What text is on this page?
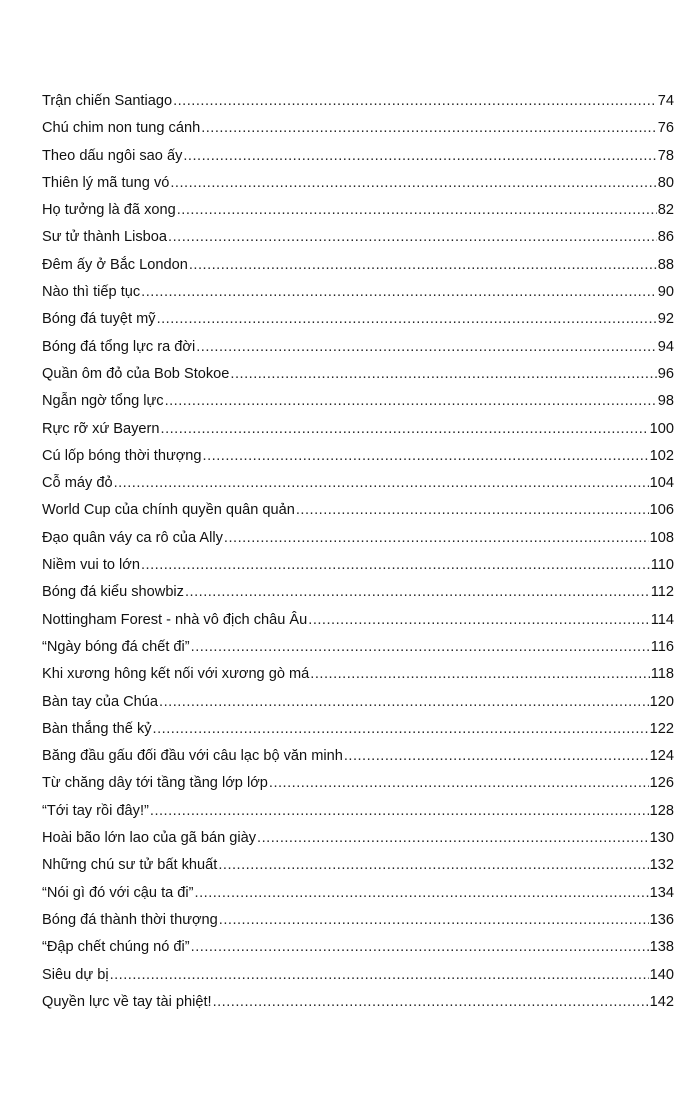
Trận chiến Santiago .....	74
Chú chim non tung cánh .....	76
Theo dấu ngôi sao ấy .....	78
Thiên lý mã tung vó .....	80
Họ tưởng là đã xong .....	82
Sư tử thành Lisboa .....	86
Đêm ấy ở Bắc London .....	88
Nào thì tiếp tục .....	90
Bóng đá tuyệt mỹ .....	92
Bóng đá tổng lực ra đời .....	94
Quần ôm đỏ của Bob Stokoe .....	96
Ngẫn ngờ tổng lực .....	98
Rực rỡ xứ Bayern .....	100
Cú lốp bóng thời thượng .....	102
Cỗ máy đỏ .....	104
World Cup của chính quyền quân quản .....	106
Đạo quân váy ca rô của Ally .....	108
Niềm vui to lớn .....	110
Bóng đá kiểu showbiz .....	112
Nottingham Forest - nhà vô địch châu Âu .....	114
“Ngày bóng đá chết đi” .....	116
Khi xương hông kết nối với xương gò má .....	118
Bàn tay của Chúa .....	120
Bàn thắng thế kỷ .....	122
Băng đầu gấu đối đầu với câu lạc bộ văn minh .....	124
Từ chăng dây tới tầng tầng lớp lớp .....	126
“Tới tay rồi đây!” .....	128
Hoài bão lớn lao của gã bán giày .....	130
Những chú sư tử bất khuất .....	132
“Nói gì đó với cậu ta đi” .....	134
Bóng đá thành thời thượng .....	136
“Đập chết chúng nó đi” .....	138
Siêu dự bị .....	140
Quyền lực về tay tài phiệt! .....	142
